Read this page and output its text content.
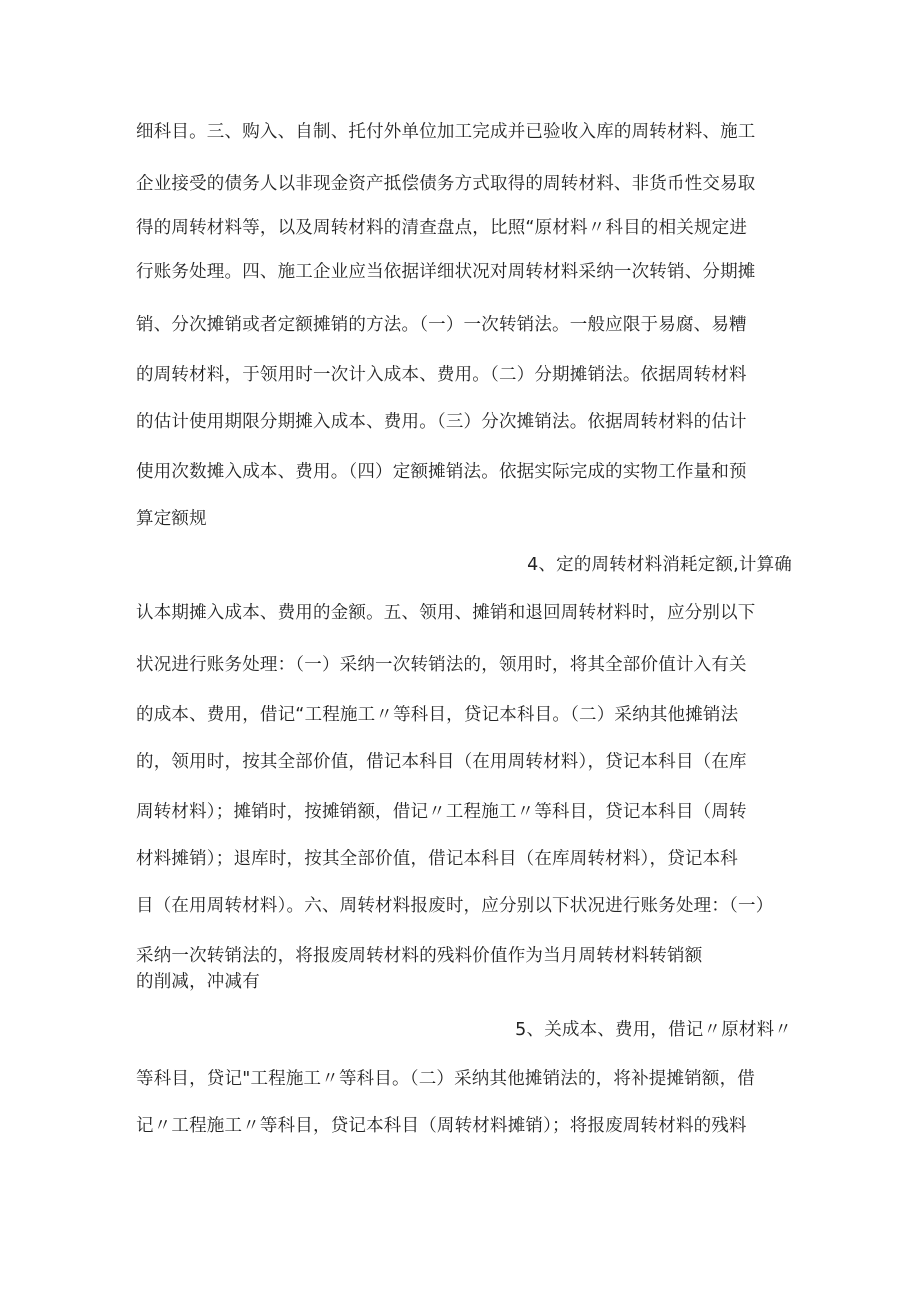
细科目。三、购入、自制、托付外单位加工完成并已验收入库的周转材料、施工
企业接受的债务人以非现金资产抵偿债务方式取得的周转材料、非货币性交易取
得的周转材料等，以及周转材料的清查盘点，比照“原材料〃科目的相关规定进
行账务处理。四、施工企业应当依据详细状况对周转材料采纳一次转销、分期摊
销、分次摊销或者定额摊销的方法。（一）一次转销法。一般应限于易腐、易糟
的周转材料，于领用时一次计入成本、费用。（二）分期摊销法。依据周转材料
的估计使用期限分期摊入成本、费用。（三）分次摊销法。依据周转材料的估计
使用次数摊入成本、费用。（四）定额摊销法。依据实际完成的实物工作量和预
算定额规
4、定的周转材料消耗定额,计算确
认本期摊入成本、费用的金额。五、领用、摊销和退回周转材料时，应分别以下
状况进行账务处理：（一）采纳一次转销法的，领用时，将其全部价值计入有关
的成本、费用，借记“工程施工〃等科目，贷记本科目。（二）采纳其他摊销法
的，领用时，按其全部价值，借记本科目（在用周转材料），贷记本科目（在库
周转材料）；摊销时，按摊销额，借记〃工程施工〃等科目，贷记本科目（周转
材料摊销）；退库时，按其全部价值，借记本科目（在库周转材料），贷记本科
目（在用周转材料）。六、周转材料报废时，应分别以下状况进行账务处理：（一）
采纳一次转销法的，将报废周转材料的残料价值作为当月周转材料转销额
的削减，冲减有
5、关成本、费用，借记〃原材料〃
等科目，贷记"工程施工〃等科目。（二）采纳其他摊销法的，将补提摊销额，借
记〃工程施工〃等科目，贷记本科目（周转材料摊销）；将报废周转材料的残料
